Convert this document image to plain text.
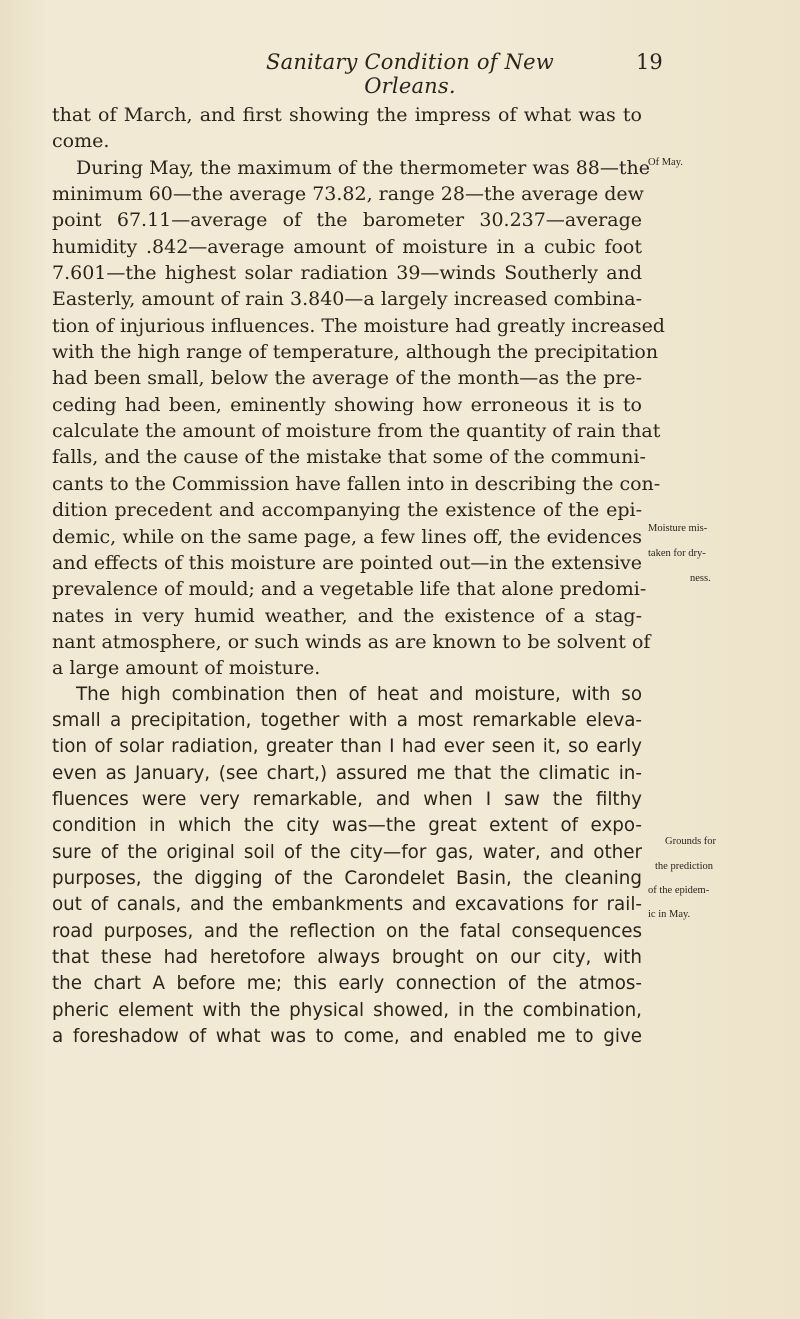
Sanitary Condition of New Orleans.
19
that of March, and first showing the impress of what was to
come.
During May, the maximum of the thermometer was 88—the
minimum 60—the average 73.82, range 28—the average dew
point 67.11—average of the barometer 30.237—average
humidity .842—average amount of moisture in a cubic foot
7.601—the highest solar radiation 39—winds Southerly and
Easterly, amount of rain 3.840—a largely increased combina-
tion of injurious influences. The moisture had greatly increased
with the high range of temperature, although the precipitation
had been small, below the average of the month—as the pre-
ceding had been, eminently showing how erroneous it is to
calculate the amount of moisture from the quantity of rain that
falls, and the cause of the mistake that some of the communi-
cants to the Commission have fallen into in describing the con-
dition precedent and accompanying the existence of the epi-
demic, while on the same page, a few lines off, the evidences
and effects of this moisture are pointed out—in the extensive
prevalence of mould; and a vegetable life that alone predomi-
nates in very humid weather, and the existence of a stag-
nant atmosphere, or such winds as are known to be solvent of
a large amount of moisture.
The high combination then of heat and moisture, with so
small a precipitation, together with a most remarkable eleva-
tion of solar radiation, greater than I had ever seen it, so early
even as January, (see chart,) assured me that the climatic in-
fluences were very remarkable, and when I saw the filthy
condition in which the city was—the great extent of expo-
sure of the original soil of the city—for gas, water, and other
purposes, the digging of the Carondelet Basin, the cleaning
out of canals, and the embankments and excavations for rail-
road purposes, and the reflection on the fatal consequences
that these had heretofore always brought on our city, with
the chart A before me; this early connection of the atmos-
pheric element with the physical showed, in the combination,
a foreshadow of what was to come, and enabled me to give
Of May.
Moisture mis-
taken for dry-
ness.
Grounds for
the prediction
of the epidem-
ic in May.
